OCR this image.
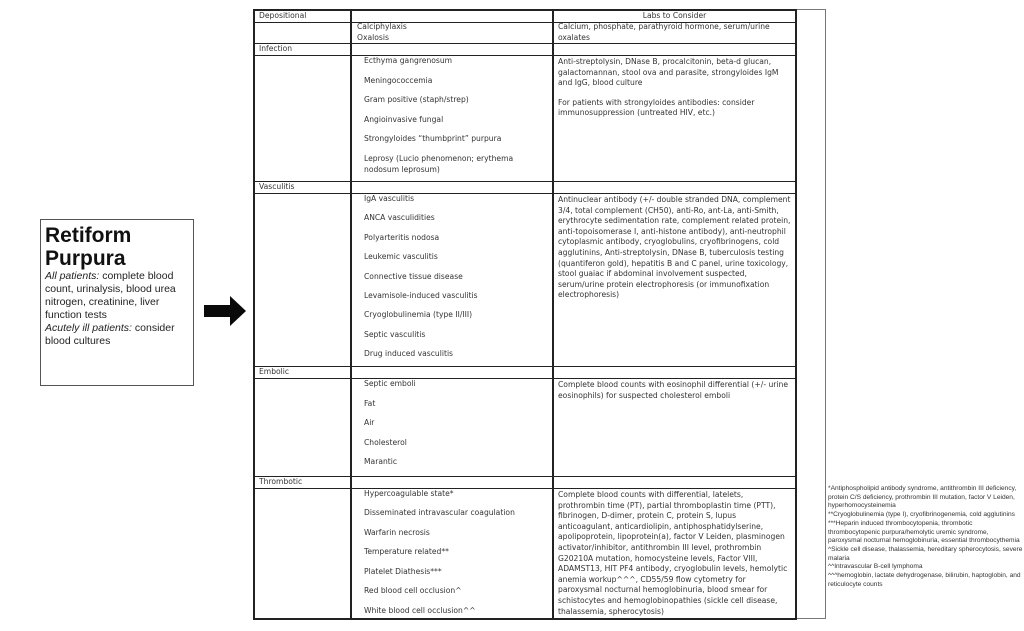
Retiform
Purpura

All patients: complete blood count, urinalysis, blood urea nitrogen, creatinine, liver function tests

Acutely ill patients: consider blood cultures

Depositional	Labs to Consider
Calciphylaxis
Oxalosis

Calcium, phosphate, parathyroid hormone, serum/urine oxalates

Infection
Ecthyma gangrenosum
Meningococcemia
Gram positive (staph/strep)
Angioinvasive fungal
Strongyloides “thumbprint” purpura
Leprosy (Lucio phenomenon; erythema nodosum leprosum)

Anti-streptolysin, DNase B, procalcitonin, beta-d glucan, galactomannan, stool ova and parasite, strongyloides IgM and IgG, blood culture

For patients with strongyloides antibodies: consider immunosuppression (untreated HIV, etc.)

Vasculitis
IgA vasculitis
ANCA vasculidities
Polyarteritis nodosa
Leukemic vasculitis
Connective tissue disease
Levamisole-induced vasculitis
Cryoglobulinemia (type II/III)
Septic vasculitis
Drug induced vasculitis

Antinuclear antibody (+/- double stranded DNA, complement 3/4, total complement (CH50), anti-Ro, ant-La, anti-Smith, erythrocyte sedimentation rate, complement related protein, anti-topoisomerase I, anti-histone antibody), anti-neutrophil cytoplasmic antibody, cryoglobulins, cryofibrinogens, cold agglutinins, Anti-streptolysin, DNase B, tuberculosis testing (quantiferon gold), hepatitis B and C panel, urine toxicology, stool guaiac if abdominal involvement suspected, serum/urine protein electrophoresis (or immunofixation electrophoresis)

Embolic
Septic emboli
Fat
Air
Cholesterol
Marantic

Complete blood counts with eosinophil differential (+/- urine eosinophils) for suspected cholesterol emboli

Thrombotic
Hypercoagulable state*
Disseminated intravascular coagulation
Warfarin necrosis
Temperature related**
Platelet Diathesis***
Red blood cell occlusion^
White blood cell occlusion^^

Complete blood counts with differential, latelets, prothrombin time (PT), partial thromboplastin time (PTT), fibrinogen, D-dimer, protein C, protein S, lupus anticoagulant, anticardiolipin, antiphosphatidylserine, apolipoprotein, lipoprotein(a), factor V Leiden, plasminogen activator/inhibitor, antithrombin III level, prothrombin G20210A mutation, homocysteine levels, Factor VIII, ADAMST13, HIT PF4 antibody, cryoglobulin levels, hemolytic anemia workup^^^, CD55/59 flow cytometry for paroxysmal nocturnal hemoglobinuria, blood smear for schistocytes and hemoglobinopathies (sickle cell disease, thalassemia, spherocytosis)

*Antiphospholipid antibody syndrome, antithrombin III deficiency, protein C/S deficiency, prothrombin III mutation, factor V Leiden, hyperhomocysteinemia
**Cryoglobulinemia (type I), cryofibrinogenemia, cold agglutinins
***Heparin induced thrombocytopenia, thrombotic thrombocytopenic purpura/hemolytic uremic syndrome, paroxysmal nocturnal hemoglobinuria, essential thrombocythemia
^Sickle cell disease, thalassemia, hereditary spherocytosis, severe malaria
^^Intravascular B-cell lymphoma
^^^hemoglobin, lactate dehydrogenase, bilirubin, haptoglobin, and reticulocyte counts
